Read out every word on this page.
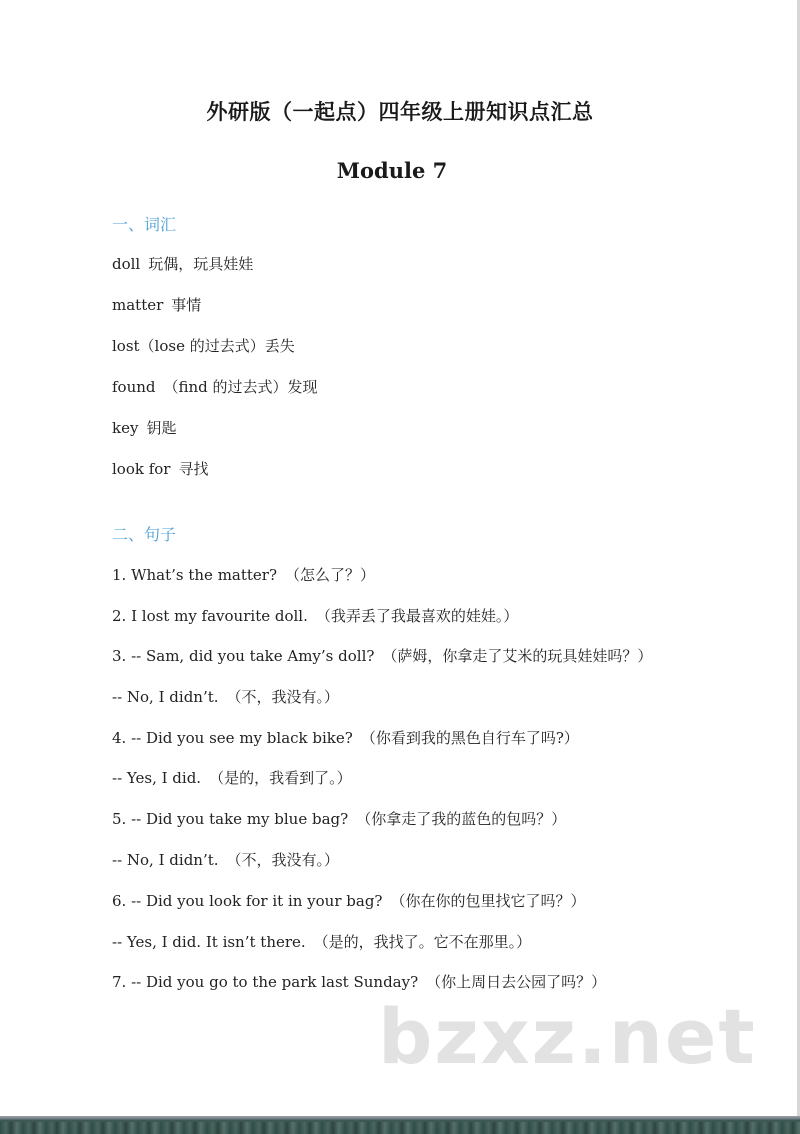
外研版（一起点）四年级上册知识点汇总
Module 7
一、词汇
doll 玩偶，玩具娃娃
matter 事情
lost（lose 的过去式）丢失
found （find 的过去式）发现
key 钥匙
look for 寻找
二、句子
1. What’s the matter? （怎么了？）
2. I lost my favourite doll. （我弄丢了我最喜欢的娃娃。）
3. -- Sam, did you take Amy’s doll? （萨姆，你拿走了艾米的玩具娃娃吗？）
-- No, I didn’t. （不，我没有。）
4. -- Did you see my black bike? （你看到我的黑色自行车了吗?）
-- Yes, I did. （是的，我看到了。）
5. -- Did you take my blue bag? （你拿走了我的蓝色的包吗？）
-- No, I didn’t. （不，我没有。）
6. -- Did you look for it in your bag? （你在你的包里找它了吗？）
-- Yes, I did. It isn’t there. （是的，我找了。它不在那里。）
7. -- Did you go to the park last Sunday? （你上周日去公园了吗？）
bzxz.net
